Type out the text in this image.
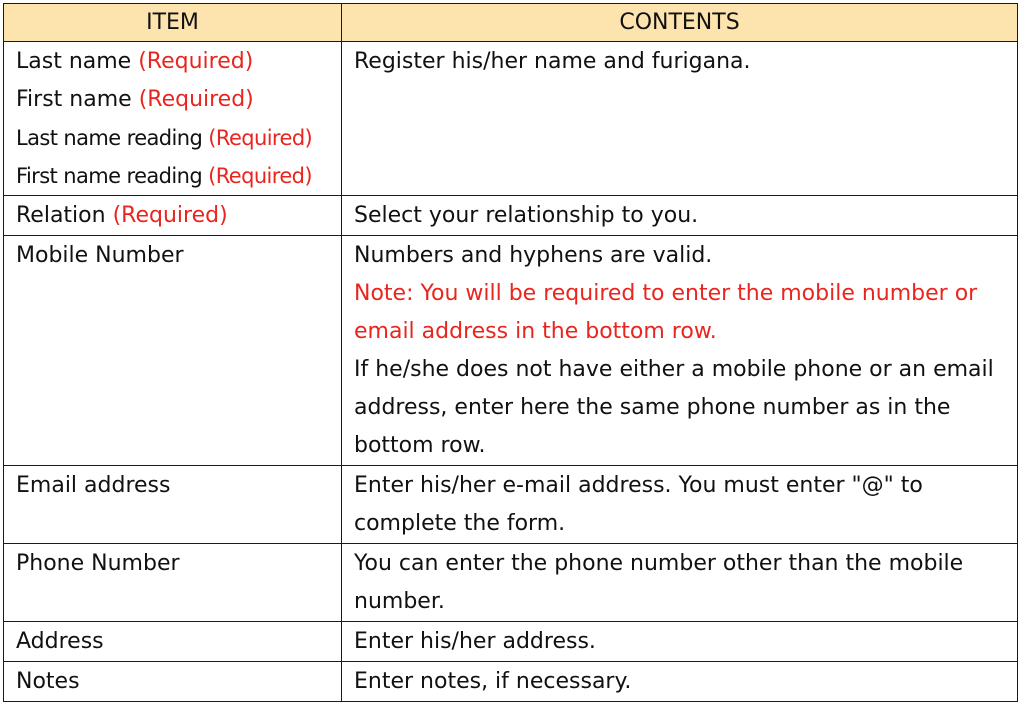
ITEM	CONTENTS

Last name (Required)
First name (Required)
Last name reading (Required)
First name reading (Required)	Register his/her name and furigana.

Relation (Required)	Select your relationship to you.

Mobile Number	Numbers and hyphens are valid.
Note: You will be required to enter the mobile number or email address in the bottom row.
If he/she does not have either a mobile phone or an email address, enter here the same phone number as in the bottom row.

Email address	Enter his/her e-mail address. You must enter "@" to complete the form.

Phone Number	You can enter the phone number other than the mobile number.

Address	Enter his/her address.

Notes	Enter notes, if necessary.
